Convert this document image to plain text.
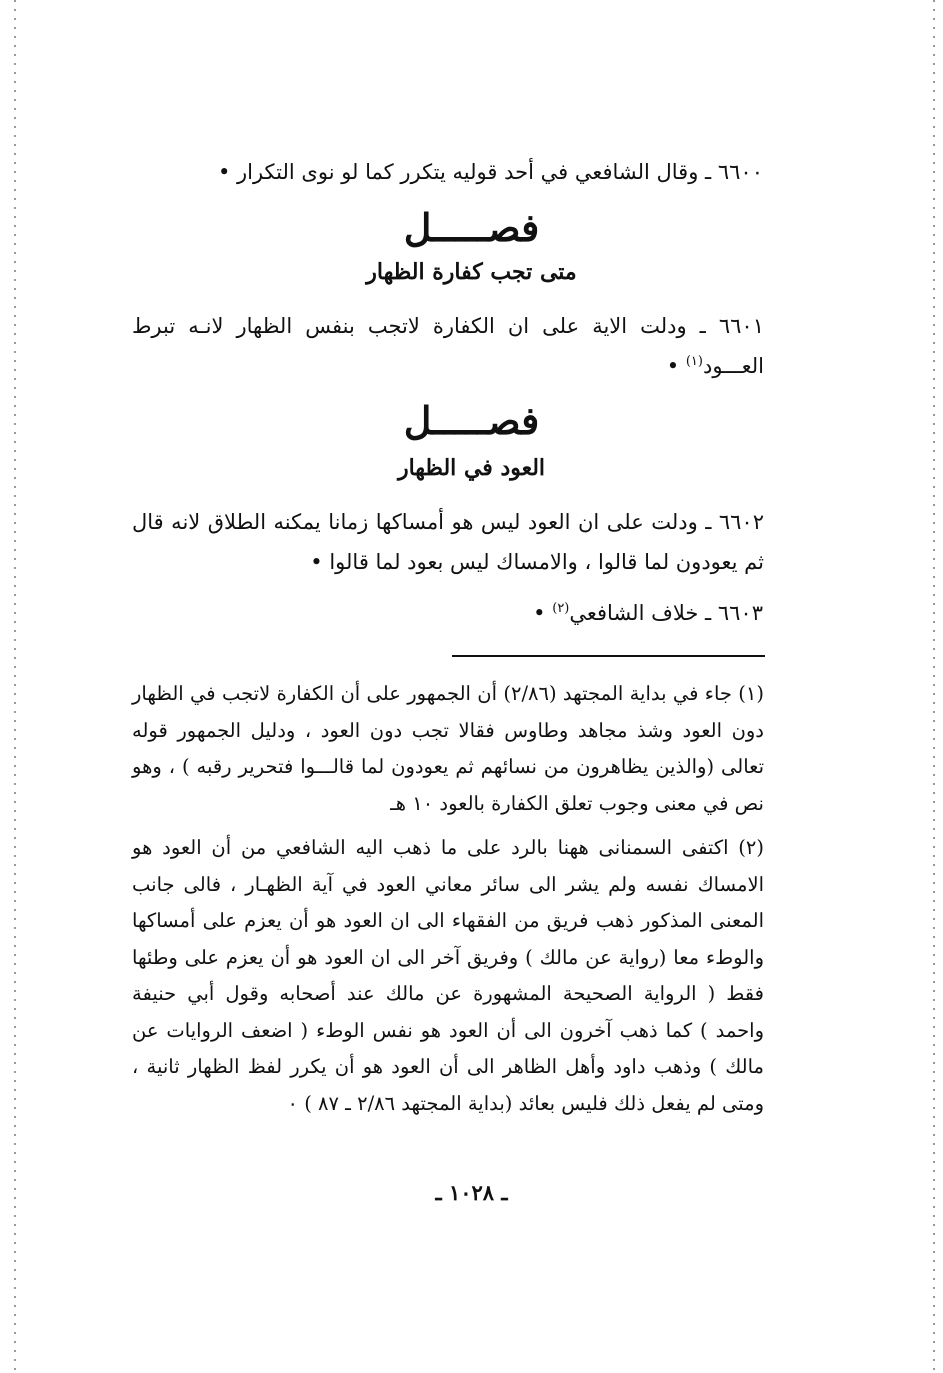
٦٦٠٠ ـ وقال الشافعي في أحد قوليه يتكرر كما لو نوى التكرار •
فصـــــل
متى تجب كفارة الظهار
٦٦٠١ ـ ودلت الاية على ان الكفارة لاتجب بنفس الظهار لانـه تبرط العـــود$^{(١)}$ •
فصـــــل
العود في الظهار
٦٦٠٢ ـ ودلت على ان العود ليس هو أمساكها زمانا يمكنه الطلاق لانه قال ثم يعودون لما قالوا ، والامساك ليس بعود لما قالوا •
٦٦٠٣ ـ خلاف الشافعي$^{(٢)}$ •
(١) جاء في بداية المجتهد (٢/٨٦) أن الجمهور على أن الكفارة لاتجب في الظهار دون العود وشذ مجاهد وطاوس فقالا تجب دون العود ، ودليل الجمهور قوله تعالى (والذين يظاهرون من نسائهم ثم يعودون لما قالـــوا فتحرير رقبه ) ، وهو نص في معنى وجوب تعلق الكفارة بالعود ١٠ هـ
(٢) اكتفى السمنانى ههنا بالرد على ما ذهب اليه الشافعي من أن العود هو الامساك نفسه ولم يشر الى سائر معاني العود في آية الظهـار ، فالى جانب المعنى المذكور ذهب فريق من الفقهاء الى ان العود هو أن يعزم على أمساكها والوطء معا (رواية عن مالك ) وفريق آخر الى ان العود هو أن يعزم على وطئها فقط ( الرواية الصحيحة المشهورة عن مالك عند أصحابه وقول أبي حنيفة واحمد ) كما ذهب آخرون الى أن العود هو نفس الوطء ( اضعف الروايات عن مالك ) وذهب داود وأهل الظاهر الى أن العود هو أن يكرر لفظ الظهار ثانية ، ومتى لم يفعل ذلك فليس بعائد (بداية المجتهد ٢/٨٦ ـ ٨٧ ) ٠
ـ ١٠٢٨ ـ
